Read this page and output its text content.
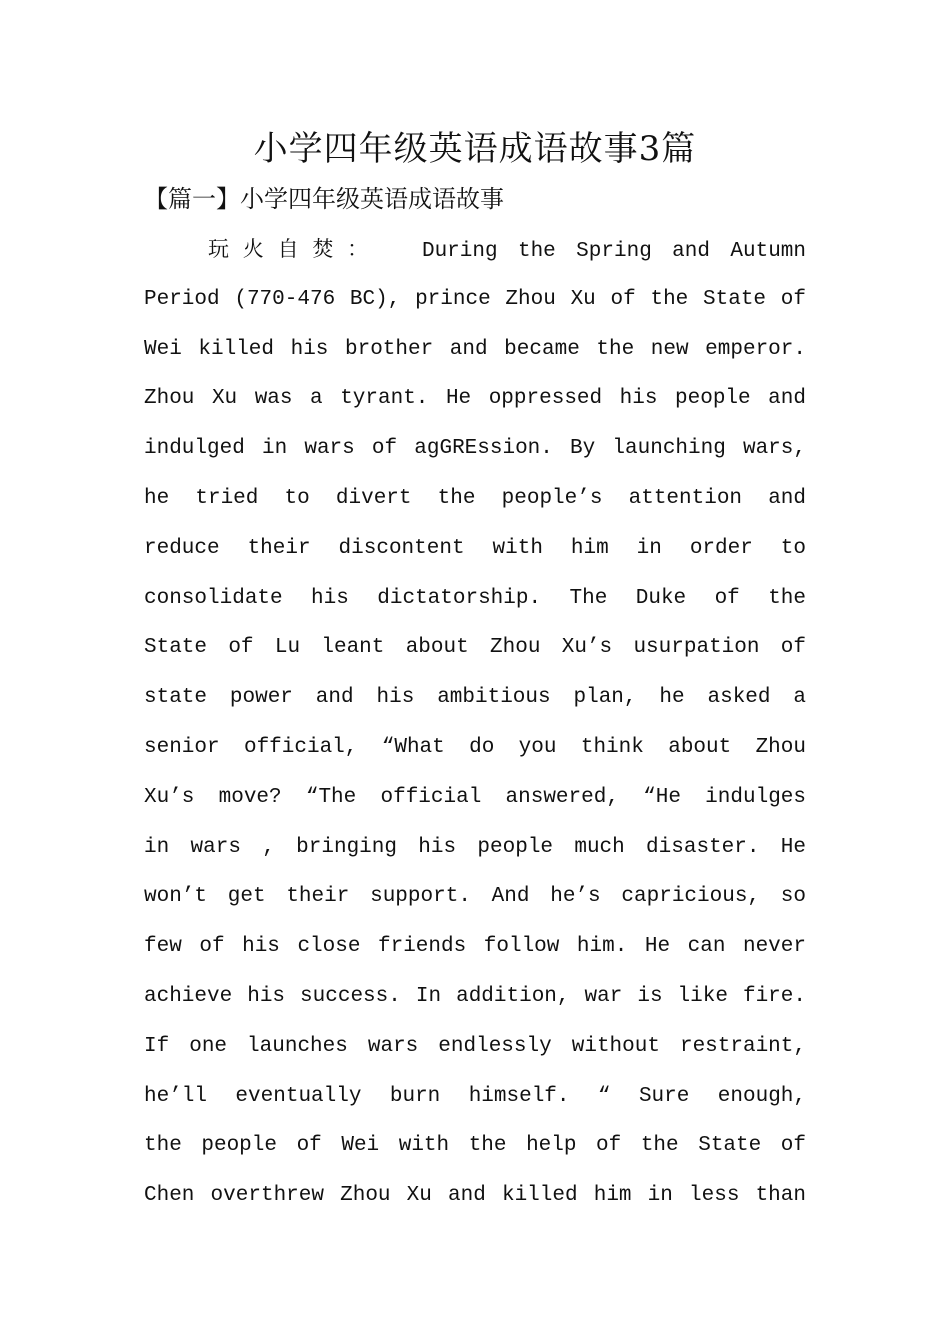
小学四年级英语成语故事3篇
【篇一】小学四年级英语成语故事
玩火自焚： During the Spring and Autumn
Period (770-476 BC), prince Zhou Xu of the State of
Wei killed his brother and became the new emperor.
Zhou Xu was a tyrant. He oppressed his people and
indulged in wars of agGREssion. By launching wars,
he tried to divert the people’s attention and
reduce their discontent with him in order to
consolidate his dictatorship. The Duke of the
State of Lu leant about Zhou Xu’s usurpation of
state power and his ambitious plan, he asked a
senior official, “What do you think about Zhou
Xu’s move? “The official answered, “He indulges
in wars , bringing his people much disaster. He
won’t get their support. And he’s capricious, so
few of his close friends follow him. He can never
achieve his success. In addition, war is like fire.
If one launches wars endlessly without restraint,
he’ll eventually burn himself. “ Sure enough,
the people of Wei with the help of the State of
Chen overthrew Zhou Xu and killed him in less than
